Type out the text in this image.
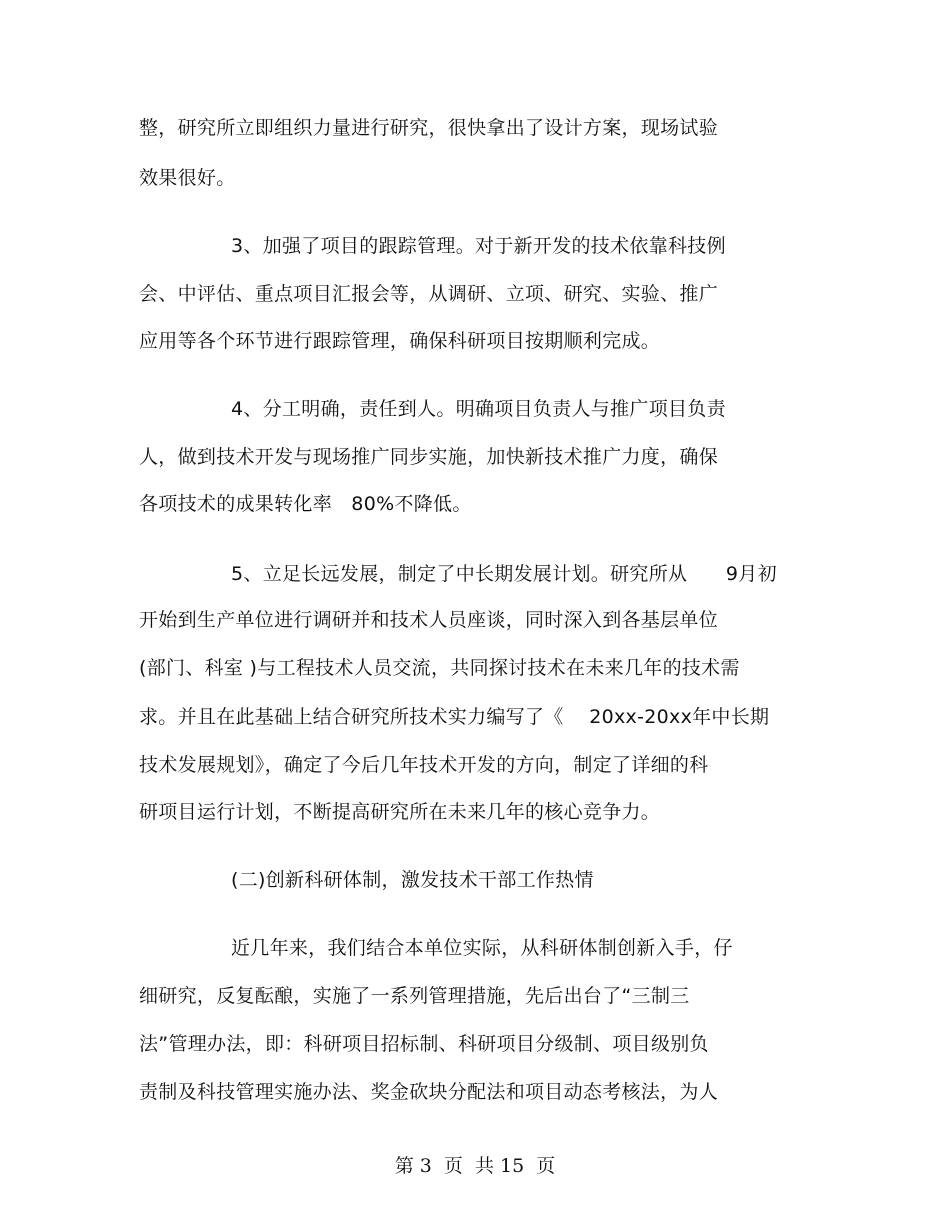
整，研究所立即组织力量进行研究，很快拿出了设计方案，现场试验
效果很好。
3、加强了项目的跟踪管理。对于新开发的技术依靠科技例
会、中评估、重点项目汇报会等，从调研、立项、研究、实验、推广
应用等各个环节进行跟踪管理，确保科研项目按期顺利完成。
4、分工明确，责任到人。明确项目负责人与推广项目负责
人，做到技术开发与现场推广同步实施，加快新技术推广力度，确保
各项技术的成果转化率　80%不降低。
5、立足长远发展，制定了中长期发展计划。研究所从　　9月初
开始到生产单位进行调研并和技术人员座谈，同时深入到各基层单位
(部门、科室 )与工程技术人员交流，共同探讨技术在未来几年的技术需
求。并且在此基础上结合研究所技术实力编写了《　 20xx-20xx年中长期
技术发展规划》，确定了今后几年技术开发的方向，制定了详细的科
研项目运行计划，不断提高研究所在未来几年的核心竞争力。
(二)创新科研体制，激发技术干部工作热情
近几年来，我们结合本单位实际，从科研体制创新入手，仔
细研究，反复酝酿，实施了一系列管理措施，先后出台了“三制三
法”管理办法，即：科研项目招标制、科研项目分级制、项目级别负
责制及科技管理实施办法、奖金砍块分配法和项目动态考核法，为人
第 3  页  共 15  页
